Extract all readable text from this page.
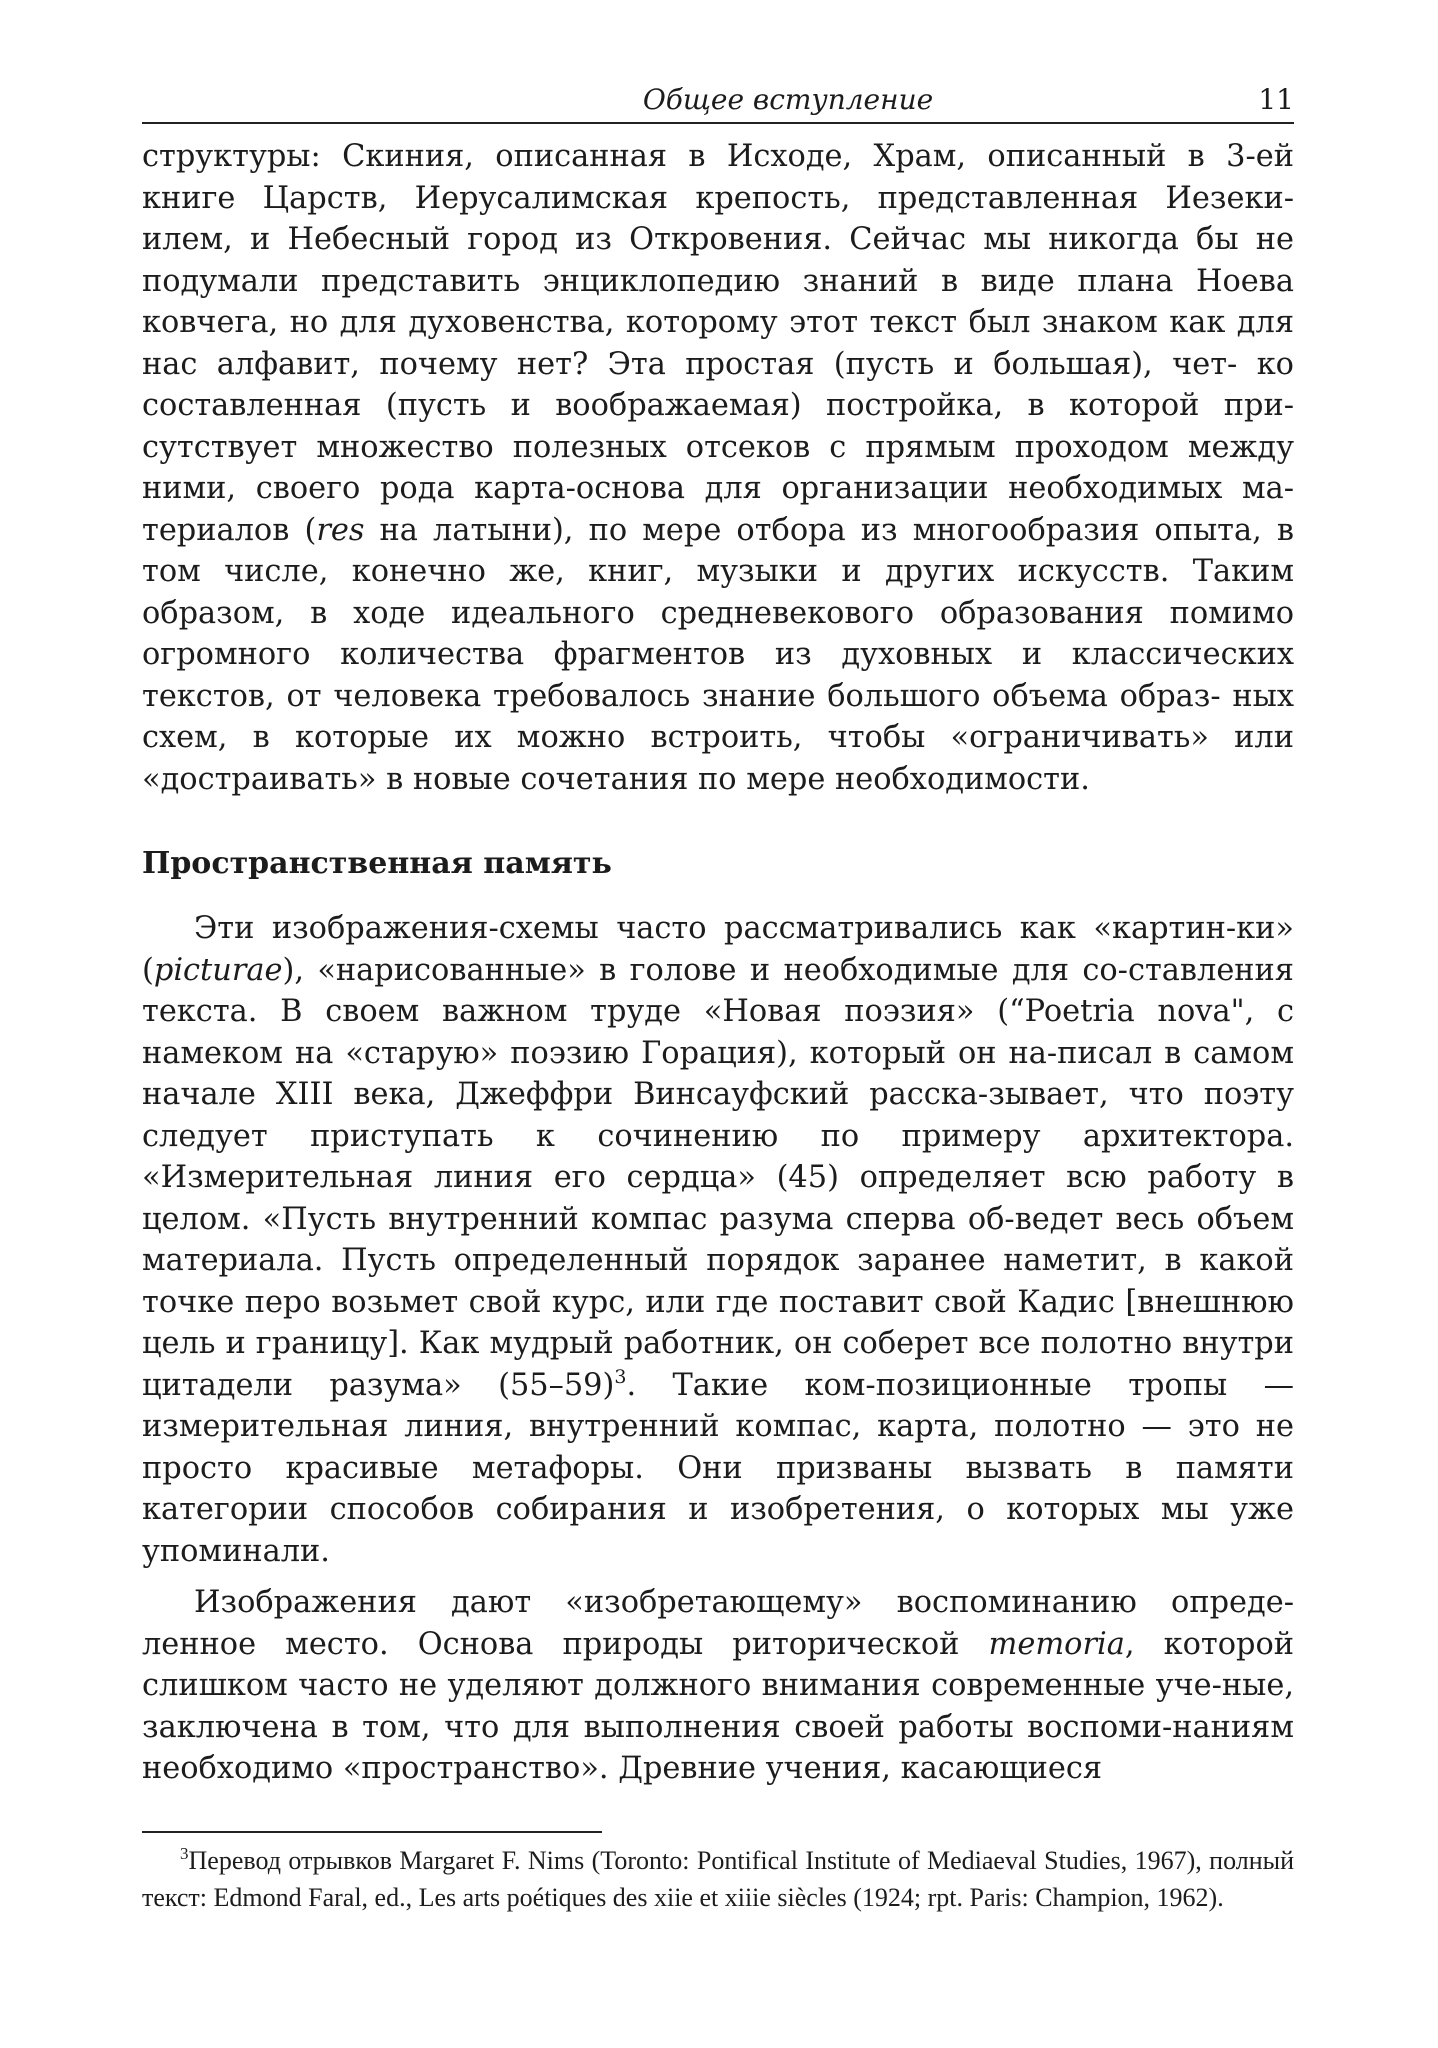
Общее вступление	11

структуры: Скиния, описанная в Исходе, Храм, описанный в 3-ей книге Царств, Иерусалимская крепость, представленная Иезеки- илем, и Небесный город из Откровения. Сейчас мы никогда бы не подумали представить энциклопедию знаний в виде плана Ноева ковчега, но для духовенства, которому этот текст был знаком как для нас алфавит, почему нет? Эта простая (пусть и большая), чет- ко составленная (пусть и воображаемая) постройка, в которой при- сутствует множество полезных отсеков с прямым проходом между ними, своего рода карта-основа для организации необходимых ма- териалов (res на латыни), по мере отбора из многообразия опыта, в том числе, конечно же, книг, музыки и других искусств. Таким образом, в ходе идеального средневекового образования помимо огромного количества фрагментов из духовных и классических текстов, от человека требовалось знание большого объема образ- ных схем, в которые их можно встроить, чтобы «ограничивать» или «достраивать» в новые сочетания по мере необходимости.

Пространственная память

Эти изображения-схемы часто рассматривались как «картин-ки» (picturae), «нарисованные» в голове и необходимые для со-ставления текста. В своем важном труде «Новая поэзия» (“Poetria nova", с намеком на «старую» поэзию Горация), который он на-писал в самом начале XIII века, Джеффри Винсауфский расска-зывает, что поэту следует приступать к сочинению по примеру архитектора. «Измерительная линия его сердца» (45) определяет всю работу в целом. «Пусть внутренний компас разума сперва об-ведет весь объем материала. Пусть определенный порядок заранее наметит, в какой точке перо возьмет свой курс, или где поставит свой Кадис [внешнюю цель и границу]. Как мудрый работник, он соберет все полотно внутри цитадели разума» $(55-59)^3$. Такие ком-позиционные тропы — измерительная линия, внутренний компас, карта, полотно — это не просто красивые метафоры. Они призваны вызвать в памяти категории способов собирания и изобретения, о которых мы уже упоминали.

Изображения дают «изобретающему» воспоминанию опреде-ленное место. Основа природы риторической memoria, которой слишком часто не уделяют должного внимания современные уче-ные, заключена в том, что для выполнения своей работы воспоми-наниям необходимо «пространство». Древние учения, касающиеся

$^3$Перевод отрывков Margaret F. Nims (Toronto: Pontifical Institute of Mediaeval Studies, 1967), полный текст: Edmond Faral, ed., Les arts poétiques des xiie et xiiie siècles (1924; rpt. Paris: Champion, 1962).
